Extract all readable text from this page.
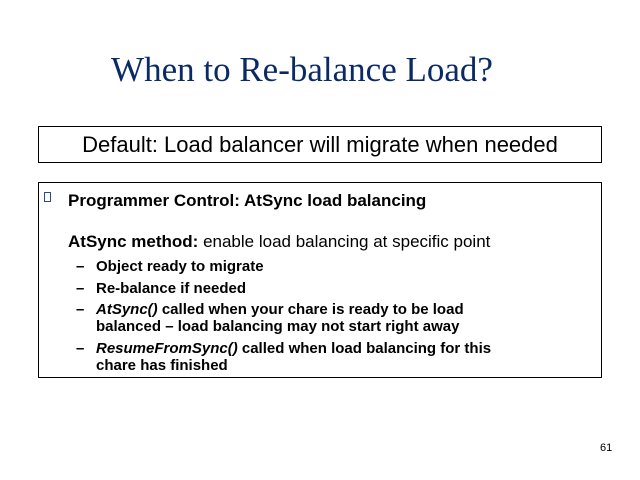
When to Re-balance Load?
Default: Load balancer will migrate when needed
Programmer Control: AtSync load balancing
AtSync method: enable load balancing at specific point
– Object ready to migrate
– Re-balance if needed
– AtSync() called when your chare is ready to be load
balanced – load balancing may not start right away
– ResumeFromSync() called when load balancing for this
chare has finished
61
